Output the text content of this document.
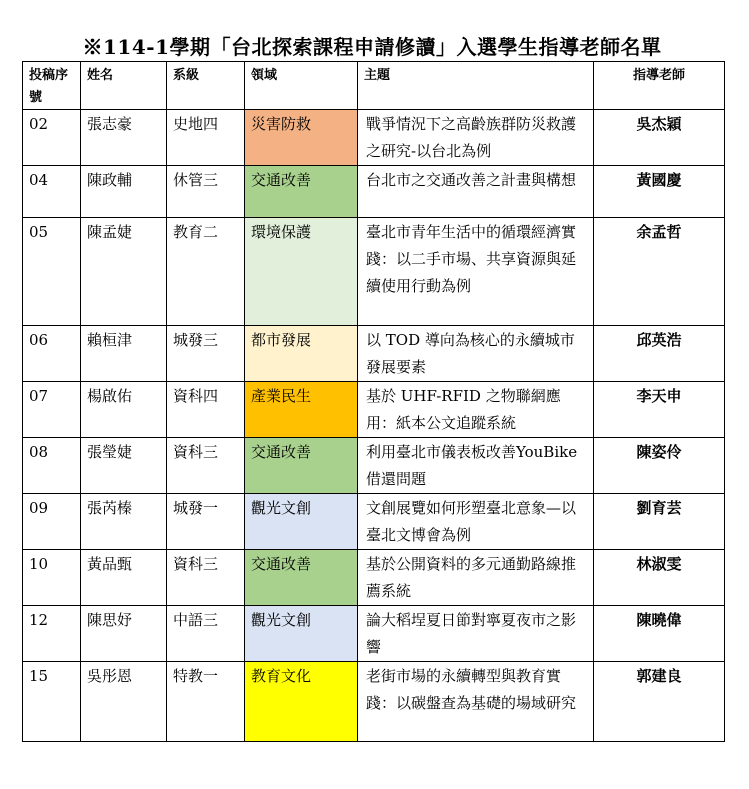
※114-1學期「台北探索課程申請修讀」入選學生指導老師名單
投稿序號	姓名	系級	領域	主題	指導老師
02	張志豪	史地四	災害防救	戰爭情況下之高齡族群防災救護之研究-以台北為例	吳杰穎
04	陳政輔	休管三	交通改善	台北市之交通改善之計畫與構想	黃國慶
05	陳孟婕	教育二	環境保護	臺北市青年生活中的循環經濟實踐：以二手市場、共享資源與延續使用行動為例	余孟哲
06	賴桓津	城發三	都市發展	以 TOD 導向為核心的永續城市發展要素	邱英浩
07	楊啟佑	資科四	產業民生	基於 UHF-RFID 之物聯網應用：紙本公文追蹤系統	李天申
08	張瑩婕	資科三	交通改善	利用臺北市儀表板改善YouBike 借還問題	陳姿伶
09	張芮榛	城發一	觀光文創	文創展覽如何形塑臺北意象—以臺北文博會為例	劉育芸
10	黃品甄	資科三	交通改善	基於公開資料的多元通勤路線推薦系統	林淑雯
12	陳思妤	中語三	觀光文創	論大稻埕夏日節對寧夏夜市之影響	陳曉偉
15	吳彤恩	特教一	教育文化	老街市場的永續轉型與教育實踐：以碳盤查為基礎的場域研究	郭建良
